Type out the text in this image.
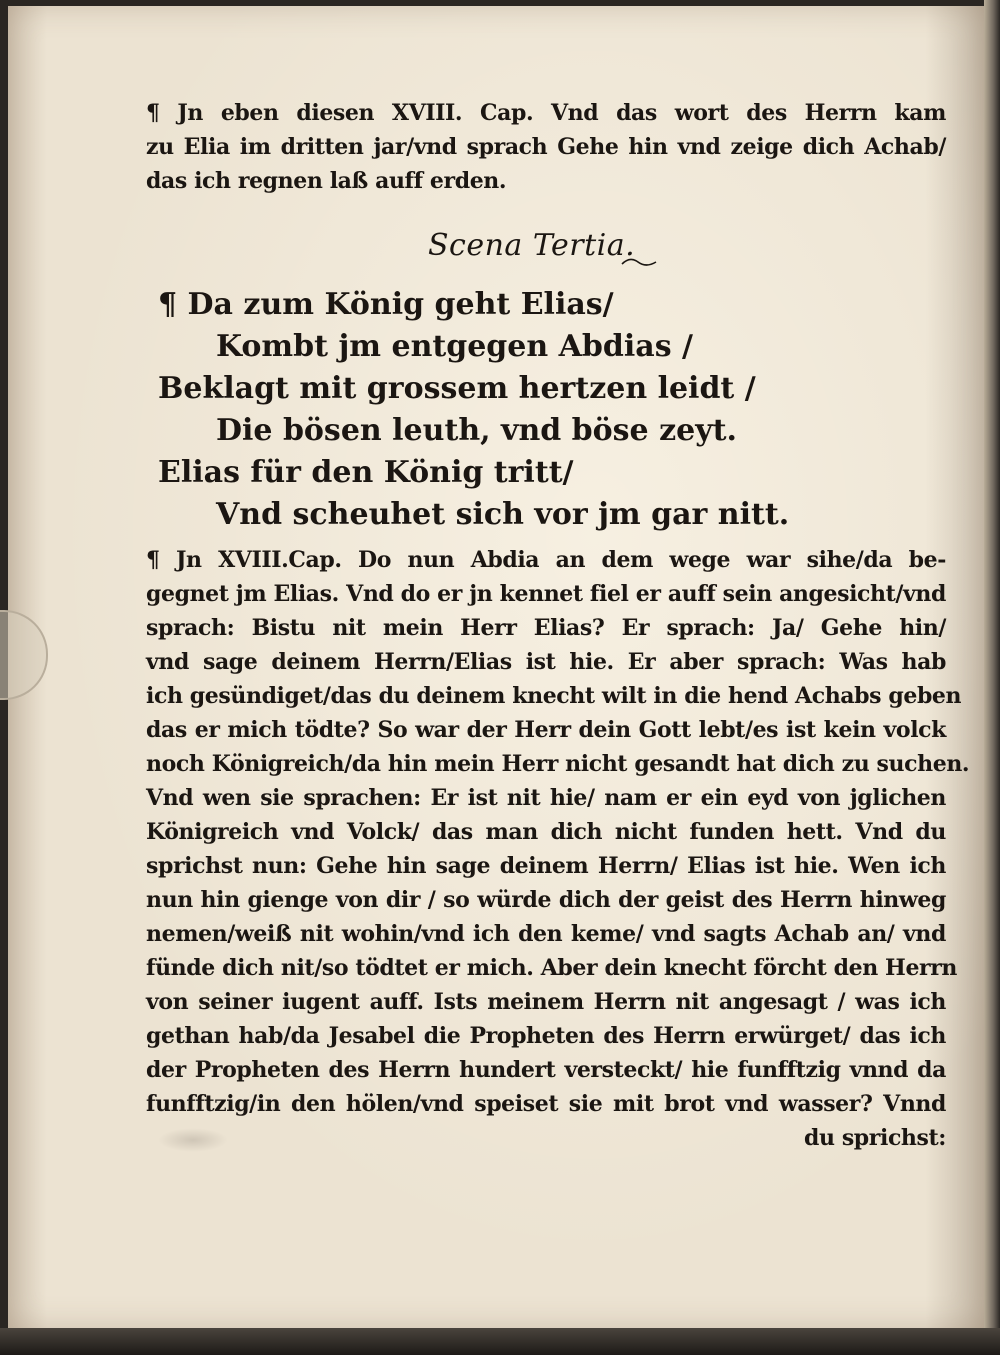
¶ Jn eben diesen XVIII. Cap. Vnd das wort des Herrn kam
zu Elia im dritten jar/vnd sprach Gehe hin vnd zeige dich Achab/
das ich regnen laß auff erden.
Scena Tertia.
¶ Da zum König geht Elias/
Kombt jm entgegen Abdias /
Beklagt mit grossem hertzen leidt /
Die bösen leuth, vnd böse zeyt.
Elias für den König tritt/
Vnd scheuhet sich vor jm gar nitt.
¶ Jn XVIII.Cap. Do nun Abdia an dem wege war sihe/da be-
gegnet jm Elias. Vnd do er jn kennet fiel er auff sein angesicht/vnd
sprach: Bistu nit mein Herr Elias? Er sprach: Ja/ Gehe hin/
vnd sage deinem Herrn/Elias ist hie. Er aber sprach: Was hab
ich gesündiget/das du deinem knecht wilt in die hend Achabs geben
das er mich tödte? So war der Herr dein Gott lebt/es ist kein volck
noch Königreich/da hin mein Herr nicht gesandt hat dich zu suchen.
Vnd wen sie sprachen: Er ist nit hie/ nam er ein eyd von jglichen
Königreich vnd Volck/ das man dich nicht funden hett. Vnd du
sprichst nun: Gehe hin sage deinem Herrn/ Elias ist hie. Wen ich
nun hin gienge von dir / so würde dich der geist des Herrn hinweg
nemen/weiß nit wohin/vnd ich den keme/ vnd sagts Achab an/ vnd
fünde dich nit/so tödtet er mich. Aber dein knecht förcht den Herrn
von seiner iugent auff. Ists meinem Herrn nit angesagt / was ich
gethan hab/da Jesabel die Propheten des Herrn erwürget/ das ich
der Propheten des Herrn hundert versteckt/ hie funfftzig vnnd da
funfftzig/in den hölen/vnd speiset sie mit brot vnd wasser? Vnnd
du sprichst:
